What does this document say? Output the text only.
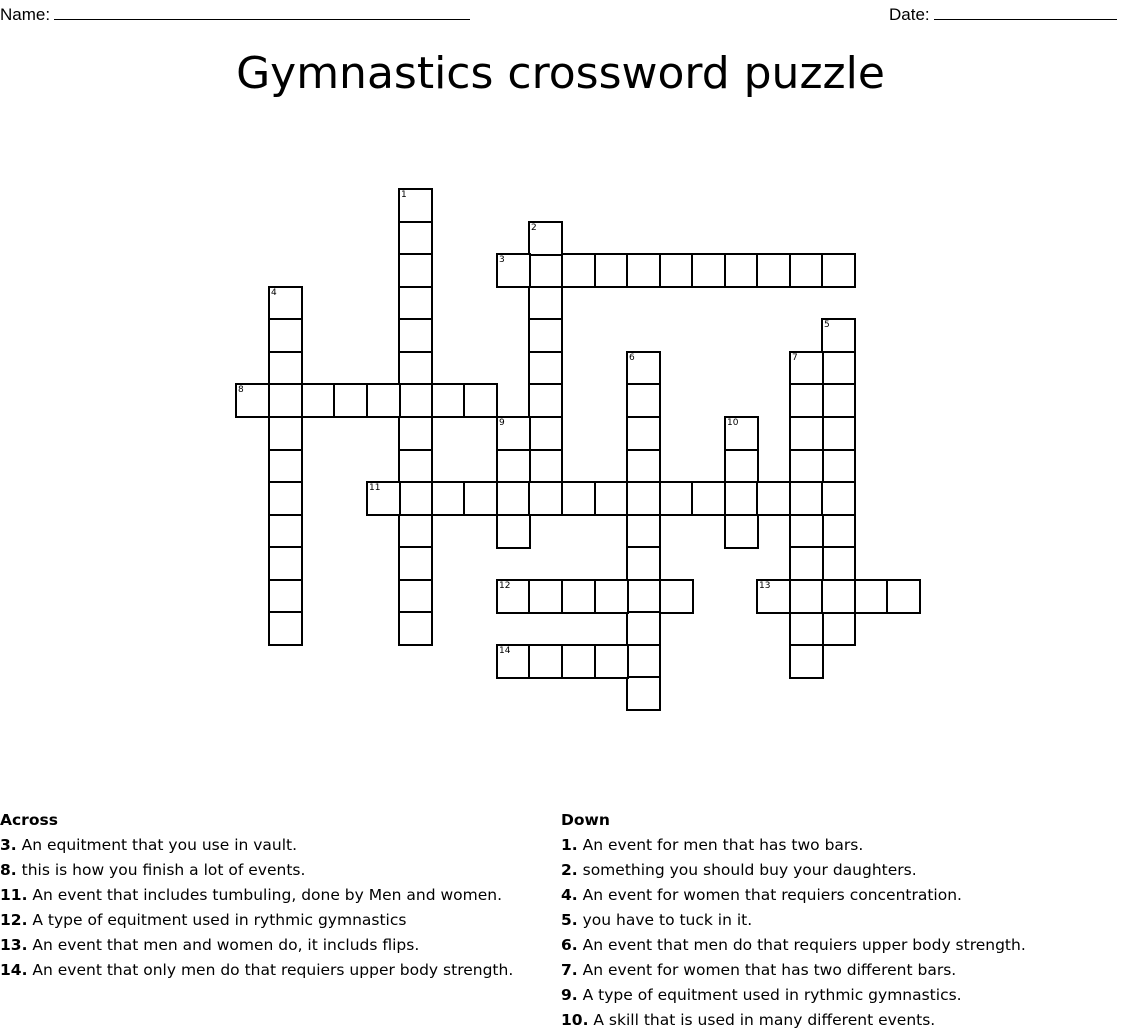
Name:	Date:
Gymnastics crossword puzzle
1
2
3
4
5
6	7
8
9	10
11
12	13
14
Across
3. An equitment that you use in vault.
8. this is how you finish a lot of events.
11. An event that includes tumbuling, done by Men and women.
12. A type of equitment used in rythmic gymnastics
13. An event that men and women do, it includs flips.
14. An event that only men do that requiers upper body strength.
Down
1. An event for men that has two bars.
2. something you should buy your daughters.
4. An event for women that requiers concentration.
5. you have to tuck in it.
6. An event that men do that requiers upper body strength.
7. An event for women that has two different bars.
9. A type of equitment used in rythmic gymnastics.
10. A skill that is used in many different events.
